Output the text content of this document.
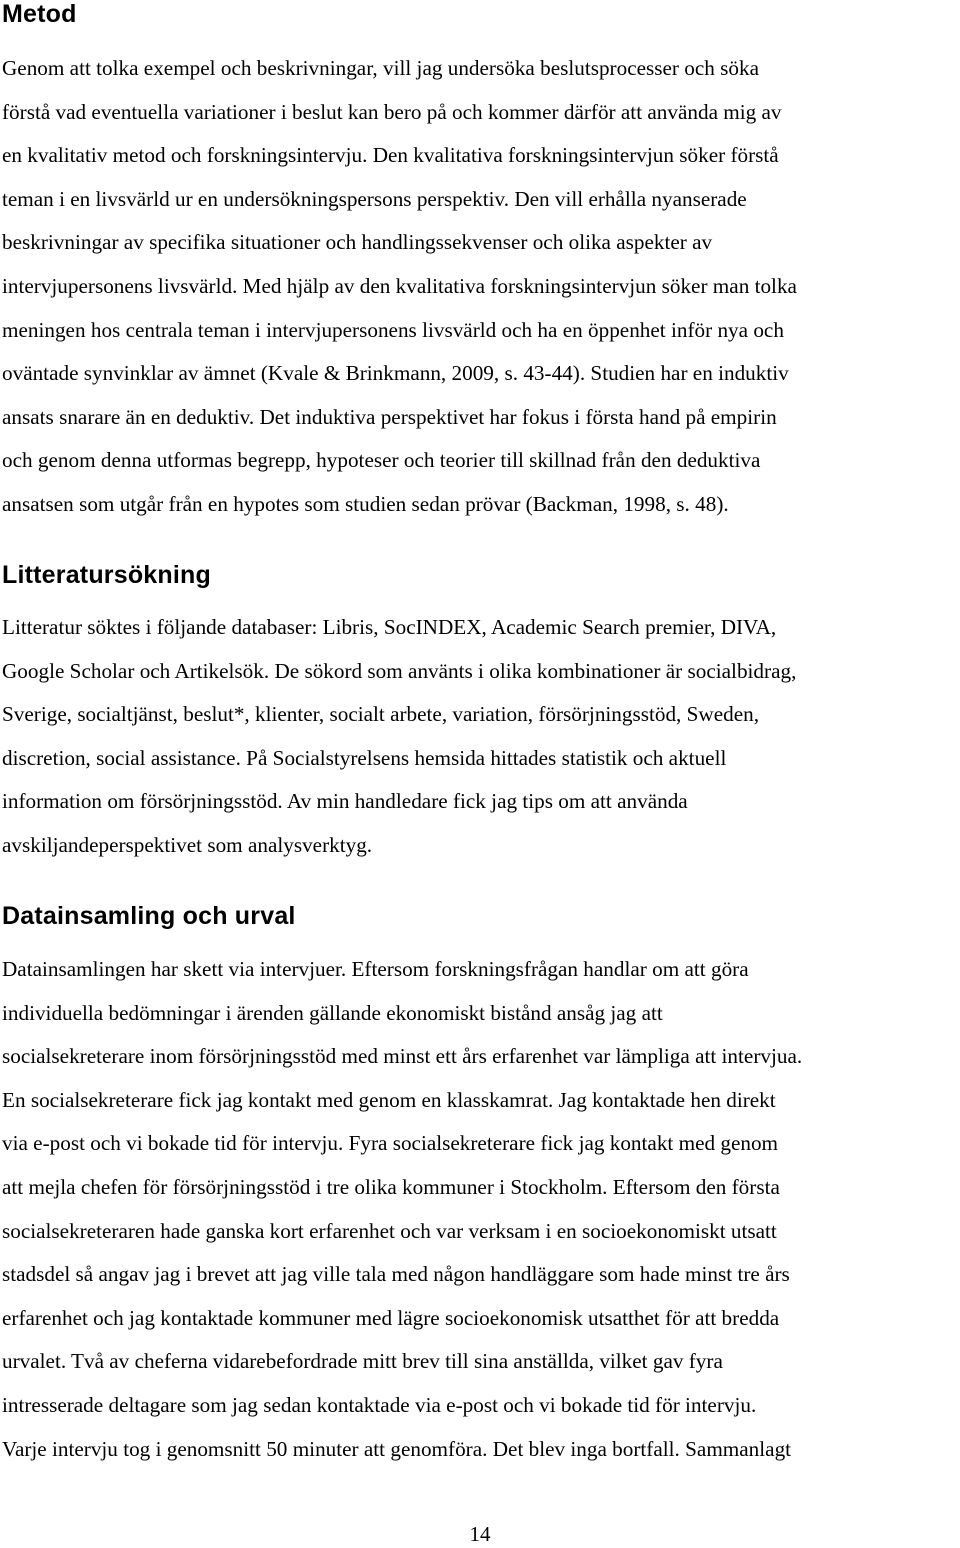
Metod

Genom att tolka exempel och beskrivningar, vill jag undersöka beslutsprocesser och söka
förstå vad eventuella variationer i beslut kan bero på och kommer därför att använda mig av
en kvalitativ metod och forskningsintervju. Den kvalitativa forskningsintervjun söker förstå
teman i en livsvärld ur en undersökningspersons perspektiv. Den vill erhålla nyanserade
beskrivningar av specifika situationer och handlingssekvenser och olika aspekter av
intervjupersonens livsvärld. Med hjälp av den kvalitativa forskningsintervjun söker man tolka
meningen hos centrala teman i intervjupersonens livsvärld och ha en öppenhet inför nya och
oväntade synvinklar av ämnet (Kvale & Brinkmann, 2009, s. 43-44). Studien har en induktiv
ansats snarare än en deduktiv. Det induktiva perspektivet har fokus i första hand på empirin
och genom denna utformas begrepp, hypoteser och teorier till skillnad från den deduktiva
ansatsen som utgår från en hypotes som studien sedan prövar (Backman, 1998, s. 48).

Litteratursökning

Litteratur söktes i följande databaser: Libris, SocINDEX, Academic Search premier, DIVA,
Google Scholar och Artikelsök. De sökord som använts i olika kombinationer är socialbidrag,
Sverige, socialtjänst, beslut*, klienter, socialt arbete, variation, försörjningsstöd, Sweden,
discretion, social assistance. På Socialstyrelsens hemsida hittades statistik och aktuell
information om försörjningsstöd. Av min handledare fick jag tips om att använda
avskiljandeperspektivet som analysverktyg.

Datainsamling och urval

Datainsamlingen har skett via intervjuer. Eftersom forskningsfrågan handlar om att göra
individuella bedömningar i ärenden gällande ekonomiskt bistånd ansåg jag att
socialsekreterare inom försörjningsstöd med minst ett års erfarenhet var lämpliga att intervjua.
En socialsekreterare fick jag kontakt med genom en klasskamrat. Jag kontaktade hen direkt
via e-post och vi bokade tid för intervju. Fyra socialsekreterare fick jag kontakt med genom
att mejla chefen för försörjningsstöd i tre olika kommuner i Stockholm. Eftersom den första
socialsekreteraren hade ganska kort erfarenhet och var verksam i en socioekonomiskt utsatt
stadsdel så angav jag i brevet att jag ville tala med någon handläggare som hade minst tre års
erfarenhet och jag kontaktade kommuner med lägre socioekonomisk utsatthet för att bredda
urvalet. Två av cheferna vidarebefordrade mitt brev till sina anställda, vilket gav fyra
intresserade deltagare som jag sedan kontaktade via e-post och vi bokade tid för intervju.
Varje intervju tog i genomsnitt 50 minuter att genomföra. Det blev inga bortfall. Sammanlagt

14
